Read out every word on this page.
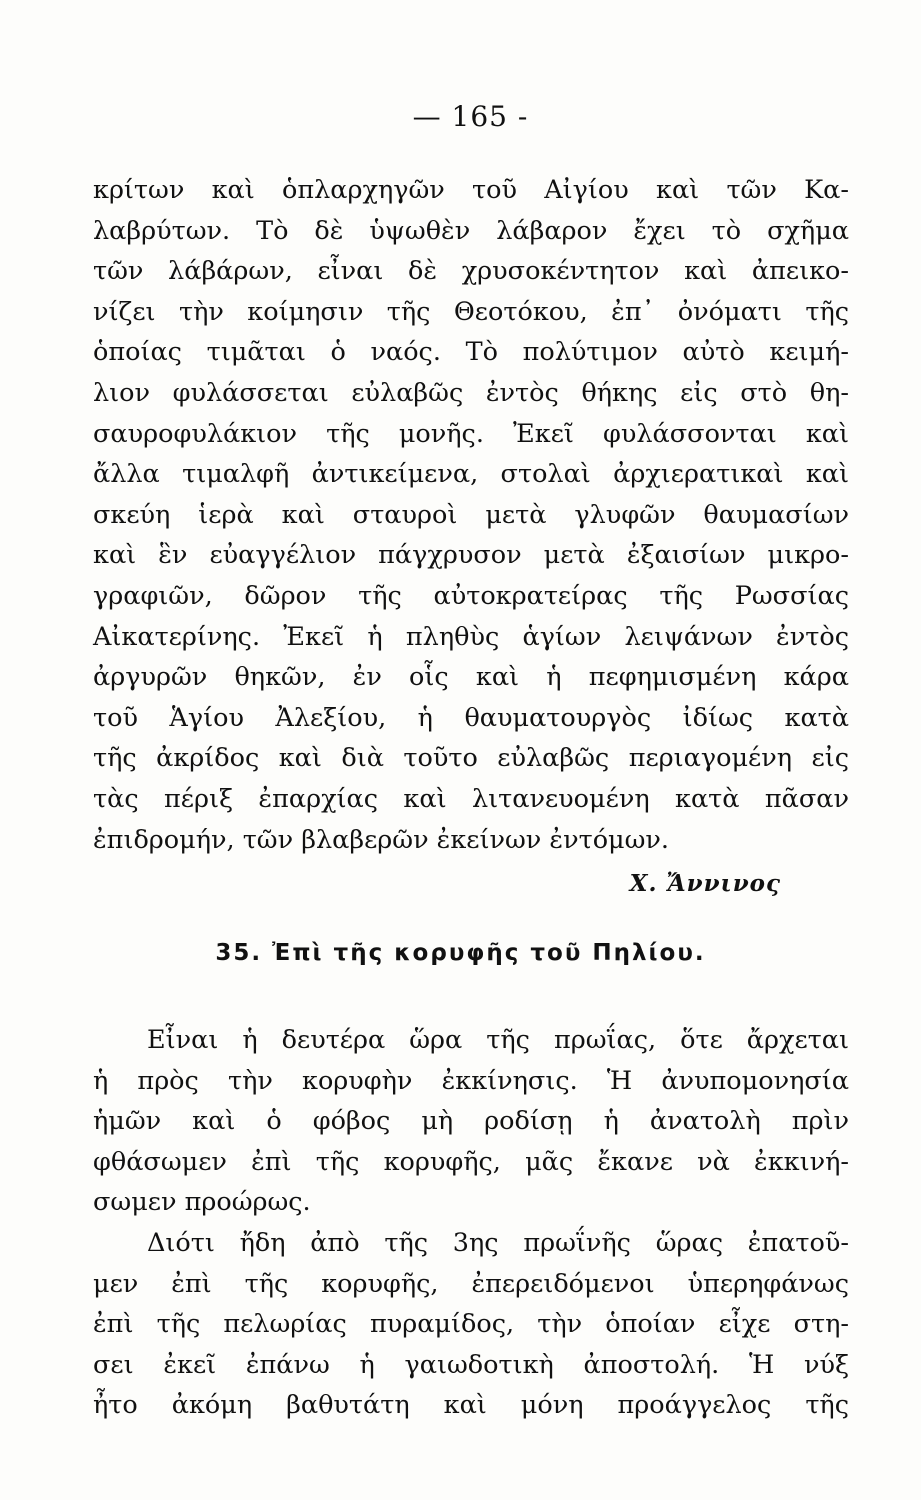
— 165 -
κρίτων καὶ ὁπλαρχηγῶν τοῦ Αἰγίου καὶ τῶν Κα-
λαβρύτων. Τὸ δὲ ὑψωθὲν λάβαρον ἔχει τὸ σχῆμα
τῶν λάβάρων, εἶναι δὲ χρυσοκέντητον καὶ ἀπεικο-
νίζει τὴν κοίμησιν τῆς Θεοτόκου, ἐπ᾽ ὀνόματι τῆς
ὁποίας τιμᾶται ὁ ναός. Τὸ πολύτιμον αὐτὸ κειμή-
λιον φυλάσσεται εὐλαβῶς ἐντὸς θήκης εἰς στὸ θη-
σαυροφυλάκιον τῆς μονῆς. Ἐκεῖ φυλάσσονται καὶ
ἄλλα τιμαλφῆ ἀντικείμενα, στολαὶ ἀρχιερατικαὶ καὶ
σκεύη ἱερὰ καὶ σταυροὶ μετὰ γλυφῶν θαυμασίων
καὶ ἓν εὐαγγέλιον πάγχρυσον μετὰ ἐξαισίων μικρο-
γραφιῶν, δῶρον τῆς αὐτοκρατείρας τῆς Ρωσσίας
Αἰκατερίνης. Ἐκεῖ ἡ πληθὺς ἁγίων λειψάνων ἐντὸς
ἀργυρῶν θηκῶν, ἐν οἷς καὶ ἡ πεφημισμένη κάρα
τοῦ Ἁγίου Ἀλεξίου, ἡ θαυματουργὸς ἰδίως κατὰ
τῆς ἀκρίδος καὶ διὰ τοῦτο εὐλαβῶς περιαγομένη εἰς
τὰς πέριξ ἐπαρχίας καὶ λιτανευομένη κατὰ πᾶσαν
ἐπιδρομήν, τῶν βλαβερῶν ἐκείνων ἐντόμων.
Χ. Ἄννινος
35. Ἐπὶ τῆς κορυφῆς τοῦ Πηλίου.
Εἶναι ἡ δευτέρα ὥρα τῆς πρωΐας, ὅτε ἄρχεται
ἡ πρὸς τὴν κορυφὴν ἐκκίνησις. Ἡ ἀνυπομονησία
ἡμῶν καὶ ὁ φόβος μὴ ροδίσῃ ἡ ἀνατολὴ πρὶν
φθάσωμεν ἐπὶ τῆς κορυφῆς, μᾶς ἔκανε νὰ ἐκκινή-
σωμεν προώρως.
Διότι ἤδη ἀπὸ τῆς 3ης πρωΐνῆς ὥρας ἐπατοῦ-
μεν ἐπὶ τῆς κορυφῆς, ἐπερειδόμενοι ὑπερηφάνως
ἐπὶ τῆς πελωρίας πυραμίδος, τὴν ὁποίαν εἶχε στη-
σει ἐκεῖ ἐπάνω ἡ γαιωδοτικὴ ἀποστολή. Ἡ νύξ
ἦτο ἀκόμη βαθυτάτη καὶ μόνη προάγγελος τῆς
